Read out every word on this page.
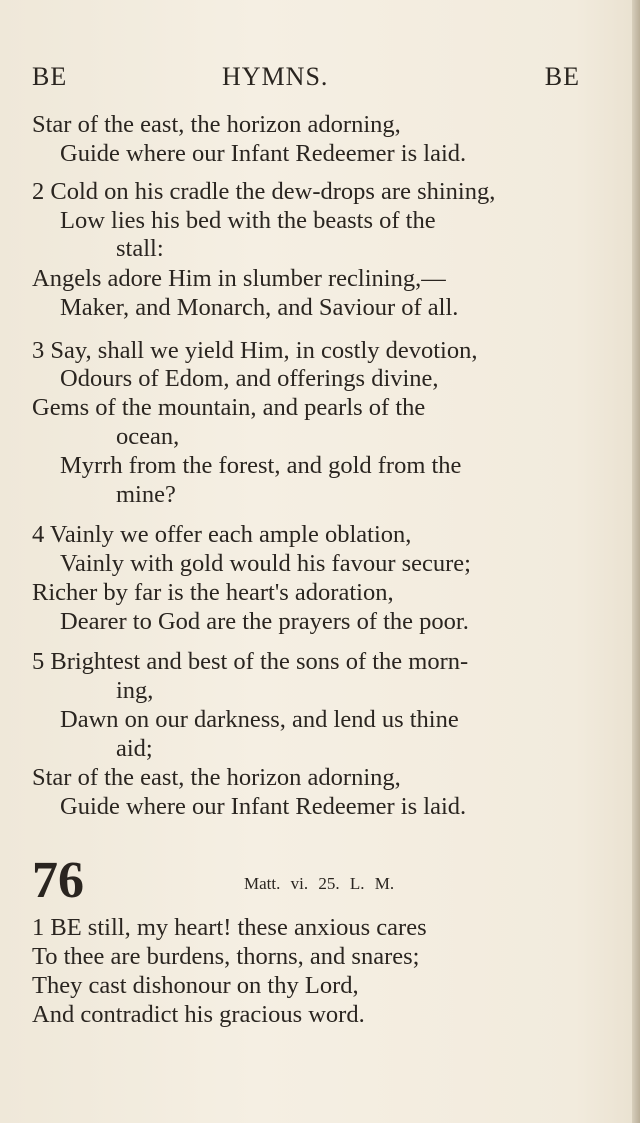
BE	HYMNS.	BE
Star of the east, the horizon adorning,
Guide where our Infant Redeemer is laid.
2 Cold on his cradle the dew-drops are shining,
Low lies his bed with the beasts of the
stall:
Angels adore Him in slumber reclining,—
Maker, and Monarch, and Saviour of all.
3 Say, shall we yield Him, in costly devotion,
Odours of Edom, and offerings divine,
Gems of the mountain, and pearls of the
ocean,
Myrrh from the forest, and gold from the
mine?
4 Vainly we offer each ample oblation,
Vainly with gold would his favour secure;
Richer by far is the heart's adoration,
Dearer to God are the prayers of the poor.
5 Brightest and best of the sons of the morn-
ing,
Dawn on our darkness, and lend us thine
aid;
Star of the east, the horizon adorning,
Guide where our Infant Redeemer is laid.
76	Matt. vi. 25. L. M.
1 BE still, my heart! these anxious cares
To thee are burdens, thorns, and snares;
They cast dishonour on thy Lord,
And contradict his gracious word.
